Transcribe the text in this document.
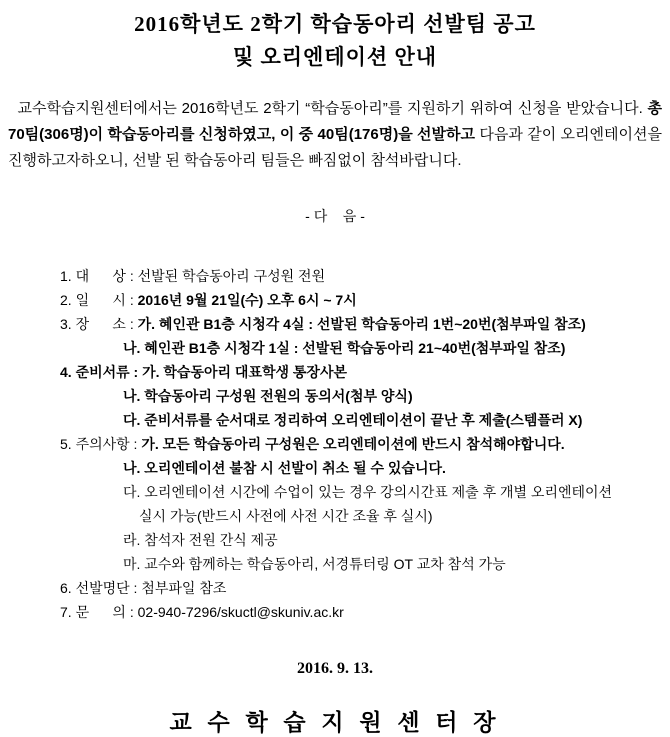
2016학년도 2학기 학습동아리 선발팀 공고
및 오리엔테이션 안내

교수학습지원센터에서는 2016학년도 2학기 “학습동아리”를 지원하기 위하여 신청을 받았습니다. 총 70팀(306명)이 학습동아리를 신청하였고, 이 중 40팀(176명)을 선발하고 다음과 같이 오리엔테이션을 진행하고자하오니, 선발 된 학습동아리 팀들은 빠짐없이 참석바랍니다.

- 다    음 -
1. 대      상 : 선발된 학습동아리 구성원 전원
2. 일      시 : 2016년 9월 21일(수) 오후 6시 ~ 7시
3. 장      소 : 가. 혜인관 B1층 시청각 4실 : 선발된 학습동아리 1번~20번(첨부파일 참조)
나. 혜인관 B1층 시청각 1실 : 선발된 학습동아리 21~40번(첨부파일 참조)
4. 준비서류 : 가. 학습동아리 대표학생 통장사본
나. 학습동아리 구성원 전원의 동의서(첨부 양식)
다. 준비서류를 순서대로 정리하여 오리엔테이션이 끝난 후 제출(스템플러 X)
5. 주의사항 : 가. 모든 학습동아리 구성원은 오리엔테이션에 반드시 참석해야합니다.
나. 오리엔테이션 불참 시 선발이 취소 될 수 있습니다.
다. 오리엔테이션 시간에 수업이 있는 경우 강의시간표 제출 후 개별 오리엔테이션
실시 가능(반드시 사전에 사전 시간 조율 후 실시)
라. 참석자 전원 간식 제공
마. 교수와 함께하는 학습동아리, 서경튜터링 OT 교차 참석 가능
6. 선발명단 : 첨부파일 참조
7. 문      의 : 02-940-7296/skuctl@skuniv.ac.kr
2016. 9. 13.
교 수 학 습 지 원 센 터 장
